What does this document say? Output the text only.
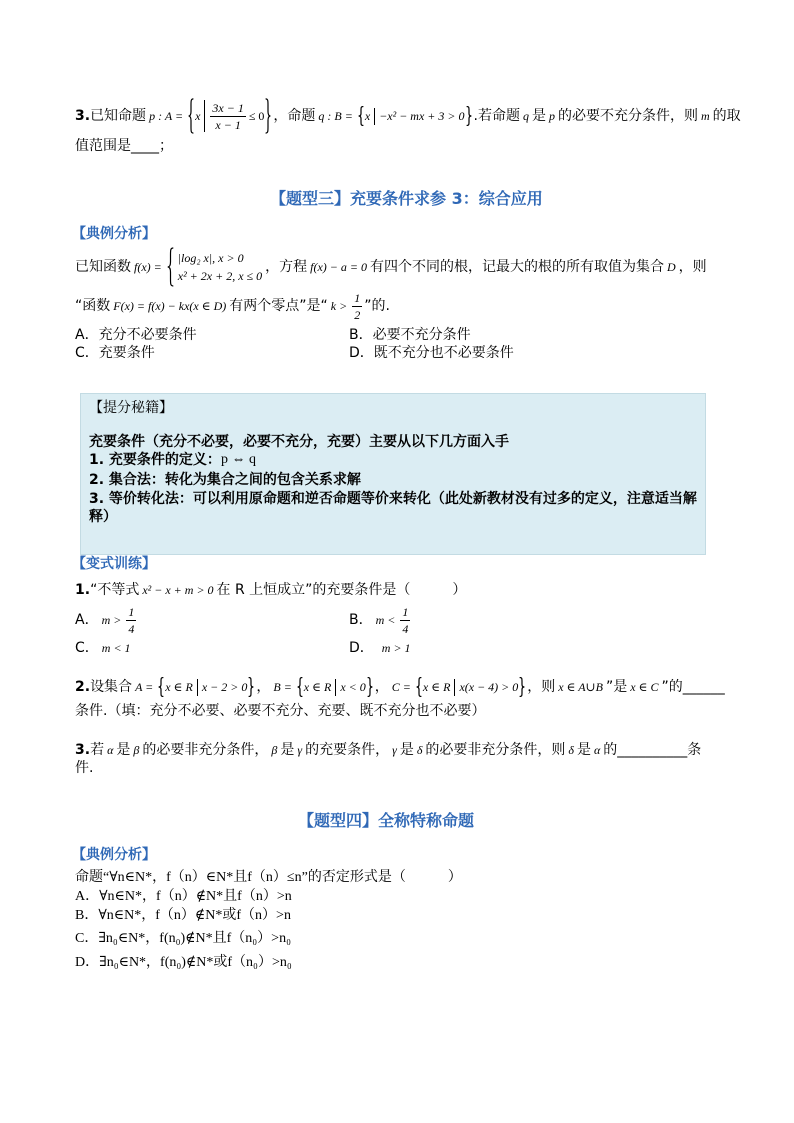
3. 已知命题 p : A = x $\frac{3x - 1}{x - 1} \le 0$ ，命题 q : B = x −x² − mx + 3 > 0 .若命题 q 是 p 的必要不充分条件，则 m 的取
值范围是____；
【题型三】充要条件求参 3：综合应用
【典例分析】
已知函数 f(x) =
|log₂ x|, x > 0
x² + 2x + 2, x ≤ 0
，方程 f(x) − a = 0 有四个不同的根，记最大的根的所有取值为集合 D ，则
“函数 F(x) = f(x) − kx(x ∈ D) 有两个零点”是“ $k > \frac{1}{2}$ ”的.
A．充分不必要条件	B．必要不充分条件
C．充要条件	D．既不充分也不必要条件
【提分秘籍】
充要条件（充分不必要，必要不充分，充要）主要从以下几方面入手
1. 充要条件的定义： p ⇔ q
2. 集合法：转化为集合之间的包含关系求解
3. 等价转化法：可以利用原命题和逆否命题等价来转化（此处新教材没有过多的定义，注意适当解
释）
【变式训练】
1. “不等式 x² − x + m > 0 在 R 上恒成立”的充要条件是（　　　）
A． $m > \frac{1}{4}$	B． $m < \frac{1}{4}$
C． m < 1	D． m > 1
2. 设集合 A = x ∈ R x − 2 > 0 ， B = x ∈ R x < 0 ， C = x ∈ R x(x − 4) > 0 ，则 x ∈ A∪B ”是 x ∈ C ”的 ______
条件.（填：充分不必要、必要不充分、充要、既不充分也不必要）
3. 若 α 是 β 的必要非充分条件， β 是 γ 的充要条件， γ 是 δ 的必要非充分条件，则 δ 是 α 的 __________ 条
件.
【题型四】全称特称命题
【典例分析】
命题“∀n∈N*，f（n）∈N*且f（n）≤n”的否定形式是（　　　）
A．∀n∈N*，f（n）∉N*且f（n）>n
B．∀n∈N*，f（n）∉N*或f（n）>n
C．∃n₀∈N*，f(n₀)∉N*且f（n₀）>n₀
D．∃n₀∈N*，f(n₀)∉N*或f（n₀）>n₀
